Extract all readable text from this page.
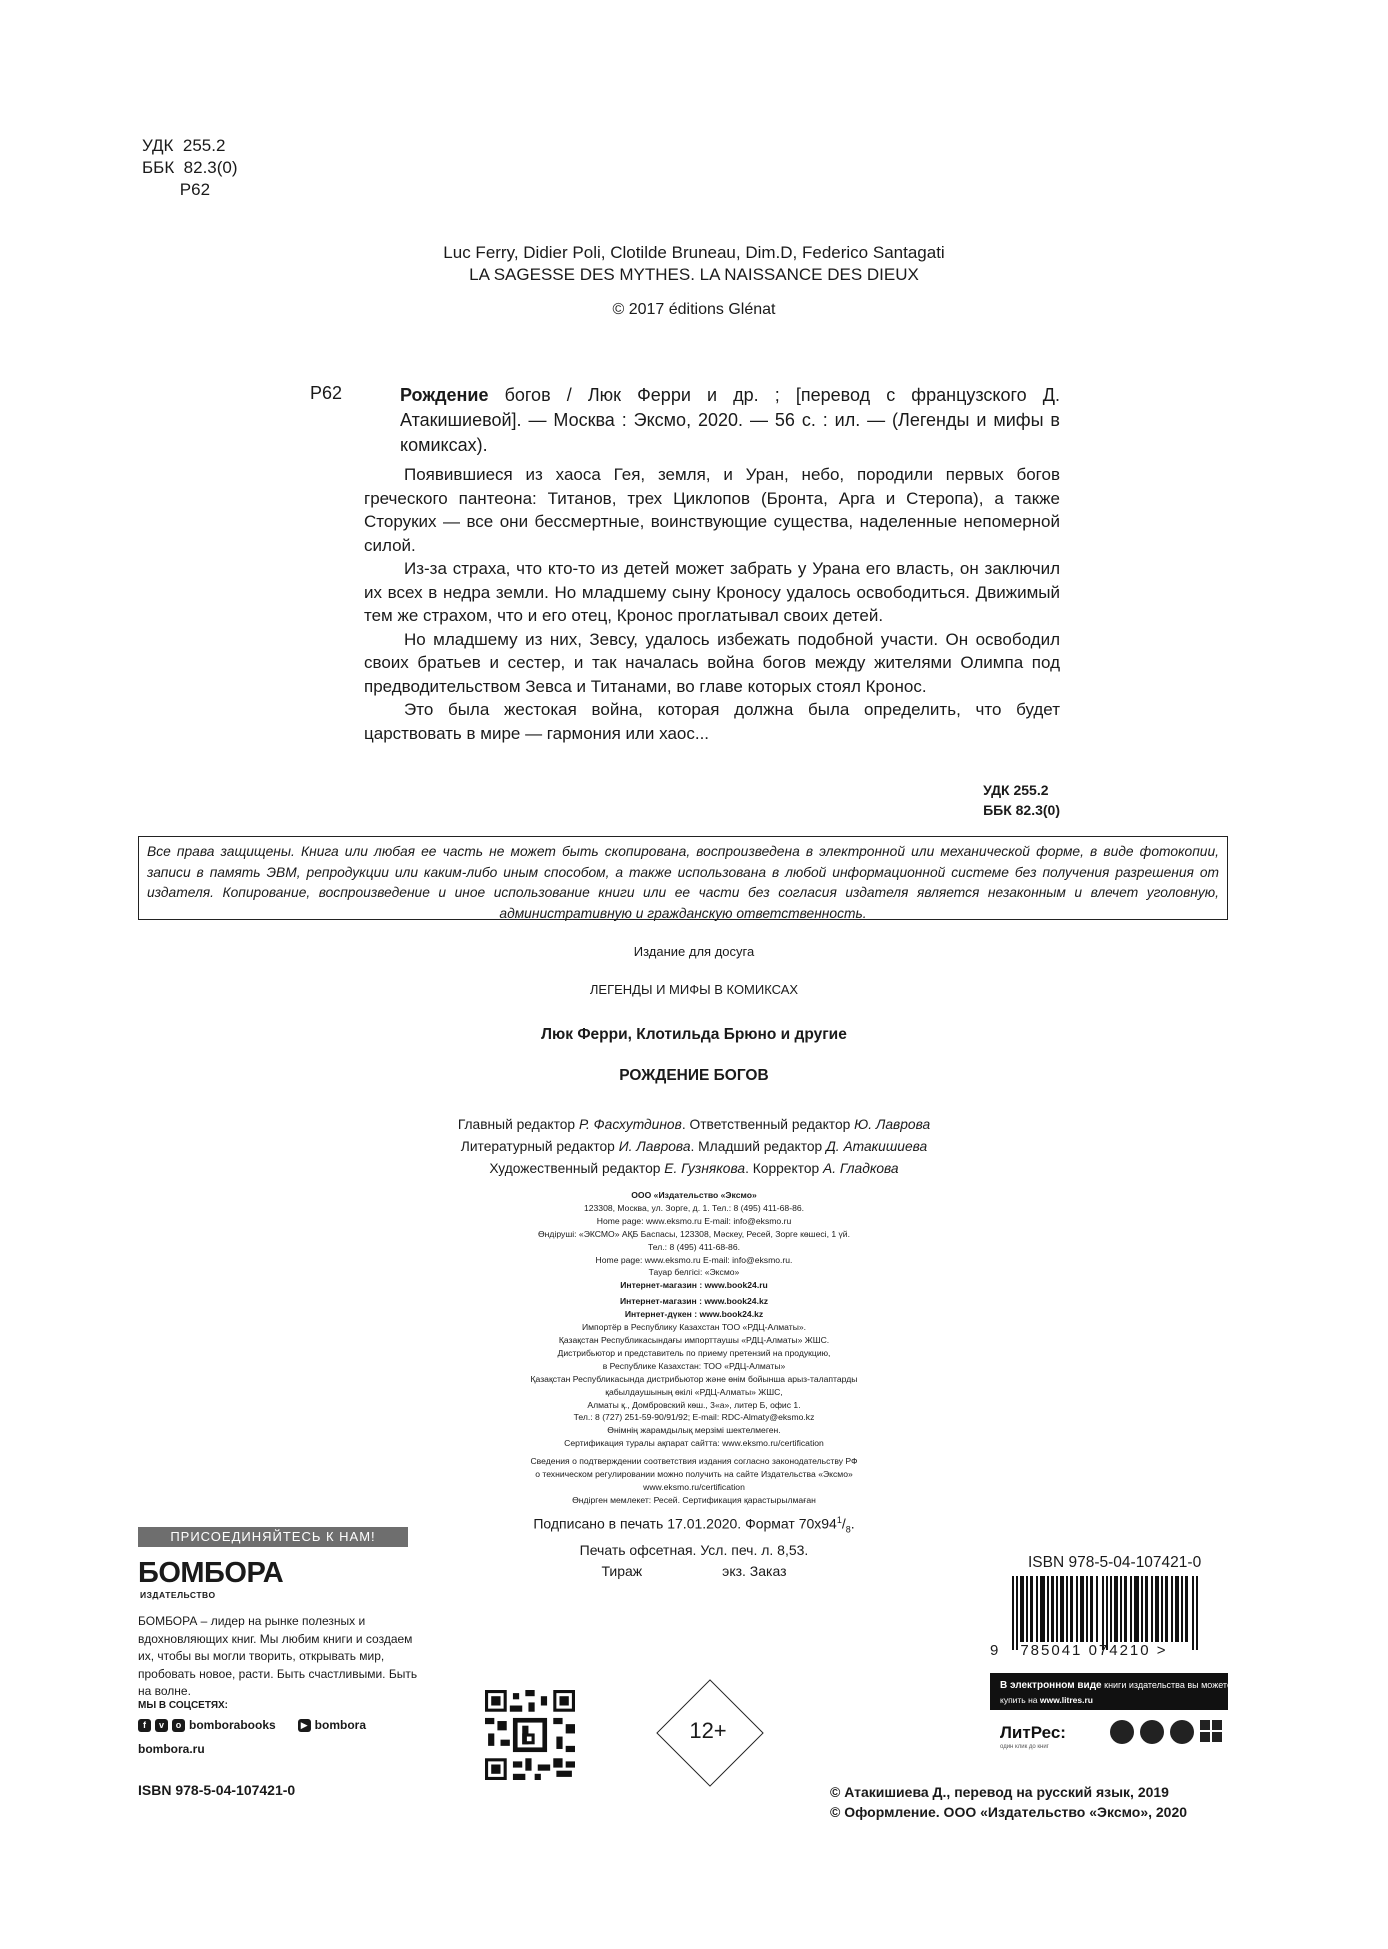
УДК  255.2
ББК  82.3(0)
Р62
Luc Ferry, Didier Poli, Clotilde Bruneau, Dim.D, Federico Santagati
LA SAGESSE DES MYTHES. LA NAISSANCE DES DIEUX
© 2017 éditions Glénat
Р62	Рождение богов / Люк Ферри и др. ; [перевод с французского Д. Атакишиевой]. — Москва : Эксмо, 2020. — 56 с. : ил. — (Легенды и мифы в комиксах).

Появившиеся из хаоса Гея, земля, и Уран, небо, породили первых богов греческого пантеона: Титанов, трех Циклопов (Бронта, Арга и Стеропа), а также Сторуких — все они бессмертные, воинствующие существа, наделенные непомерной силой.

Из-за страха, что кто-то из детей может забрать у Урана его власть, он заключил их всех в недра земли. Но младшему сыну Кроносу удалось освободиться. Движимый тем же страхом, что и его отец, Кронос проглатывал своих детей.

Но младшему из них, Зевсу, удалось избежать подобной участи. Он освободил своих братьев и сестер, и так началась война богов между жителями Олимпа под предводительством Зевса и Титанами, во главе которых стоял Кронос.

Это была жестокая война, которая должна была определить, что будет царствовать в мире — гармония или хаос...

УДК 255.2
ББК 82.3(0)
Все права защищены. Книга или любая ее часть не может быть скопирована, воспроизведена в электронной или механической форме, в виде фотокопии, записи в память ЭВМ, репродукции или каким-либо иным способом, а также использована в любой информационной системе без получения разрешения от издателя. Копирование, воспроизведение и иное использование книги или ее части без согласия издателя является незаконным и влечет уголовную, административную и гражданскую ответственность.
Издание для досуга
ЛЕГЕНДЫ И МИФЫ В КОМИКСАХ
Люк Ферри, Клотильда Брюно и другие
РОЖДЕНИЕ БОГОВ
Главный редактор Р. Фасхутдинов. Ответственный редактор Ю. Лаврова
Литературный редактор И. Лаврова. Младший редактор Д. Атакишиева
Художественный редактор Е. Гузнякова. Корректор А. Гладкова
ООО «Издательство «Эксмо»
123308, Москва, ул. Зорге, д. 1. Тел.: 8 (495) 411-68-86.
Home page: www.eksmo.ru E-mail: info@eksmo.ru
Өндіруші: «ЭКСМО» АҚБ Баспасы, 123308, Мәскеу, Ресей, Зорге көшесі, 1 үй.
Тел.: 8 (495) 411-68-86.
Home page: www.eksmo.ru E-mail: info@eksmo.ru.
Тауар белгісі: «Эксмо»
Интернет-магазин : www.book24.ru
Интернет-магазин : www.book24.kz
Интернет-дүкен : www.book24.kz
Импортёр в Республику Казахстан ТОО «РДЦ-Алматы».
Қазақстан Республикасындағы импорттаушы «РДЦ-Алматы» ЖШС.
Дистрибьютор и представитель по приему претензий на продукцию,
в Республике Казахстан: ТОО «РДЦ-Алматы»
Қазақстан Республикасында дистрибьютор және өнім бойынша арыз-талаптарды
қабылдаушының өкілі «РДЦ-Алматы» ЖШС,
Алматы қ., Домбровский көш., 3«а», литер Б, офис 1.
Тел.: 8 (727) 251-59-90/91/92; E-mail: RDC-Almaty@eksmo.kz
Өнімнің жарамдылық мерзімі шектелмеген.
Сертификация туралы ақпарат сайтта: www.eksmo.ru/certification
Сведения о подтверждении соответствия издания согласно законодательству РФ
о техническом регулировании можно получить на сайте Издательства «Эксмо»
www.eksmo.ru/certification
Өндірген мемлекет: Ресей. Сертификация қарастырылмаған
Подписано в печать 17.01.2020. Формат $70x94^1/_8$.
Печать офсетная. Усл. печ. л. 8,53.
Тираж	экз. Заказ
ПРИСОЕДИНЯЙТЕСЬ К НАМ!
БОМБОРА
ИЗДАТЕЛЬСТВО
БОМБОРА – лидер на рынке полезных и вдохновляющих книг. Мы любим книги и создаем их, чтобы вы могли творить, открывать мир, пробовать новое, расти. Быть счастливыми. Быть на волне.
МЫ В СОЦСЕТЯХ:
f	v	o bomborabooks	▶ bombora
bombora.ru
ISBN 978-5-04-107421-0
12+
ISBN 978-5-04-107421-0
9 785041 074210 >
В электронном виде книги издательства вы можете
купить на www.litres.ru
ЛитРес:
один клик до книг
© Атакишиева Д., перевод на русский язык, 2019
© Оформление. ООО «Издательство «Эксмо», 2020
